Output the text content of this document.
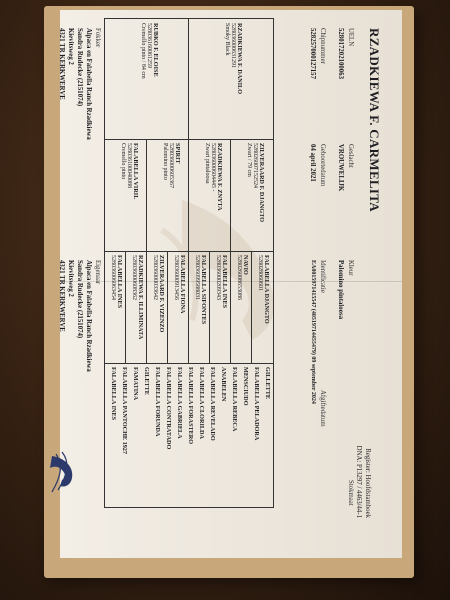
RZADKIEWA F. CARMELITA
UELN
528017202100063
Chipnummer
528257000127157
Geslacht
VROUWELIJK
Geboortedatum
04 april 2021
Kleur
Palomino pintaloosa
Identificatie
EA0015971415547 (40519714455479) 09 september 2024
Register: Hoofdstamboek
DNA: P13297 / 4463/44-1
Stokmaat
Afgiftedatum
RZADKIEWA F. DANILO
528036000631291
Smoky Black
RUBKO F. ELOISE
528036160061259
Cremello pinto / 84 cm
ZILVERAARD F. DJANGTO
528026007152524
Zwart / 79 cm
RZADKIEWA F. ZNYTA
528036000604445 -
Zwart pintaloosa
SPIRIT
528036000605367
Palomino pinto
FALABELLA VIRIL
528036100040088
Cremello pinto
FALABELLA DJANGTO
528028060601
NAVIO
528026008653086
FALABELLA INES
528036000209343
FALABELLA SIFONTES
528036099588031
FALABELLA FIONA
528036000913456
ZILVERAARD F. VIZENZO
528036000033642
RZADKIEWA F. ILLIMINATA
528036000608362
FALABELLA INES
528036006063454
GILLETTE
FALABELLA PELADORA
MENSCIUDO
FALABELLA REBECA
ANABELEN
FALABELLA REVELADO
FALABELLA CLORILDA
FALABELLA FORASTERO
FALABELLA GABRIELA
FALABELLA CONTRATADO
FALABELLA FORUNDA
GILETTE
FAMATINA
FALABELLA PANTOCHE 1927
FALABELLA INES
Fokker
Alpaca en Falabella Ranch Rzadkiewa
Sandra Rudecke (2151074)
Kievitsweg 2
4321 TR KERKWERVE
Eigenaar
Alpaca en Falabella Ranch Rzadkiewa
Sandra Rudecke (2151074)
Kievitsweg 2
4321 TR KERKWERVE
